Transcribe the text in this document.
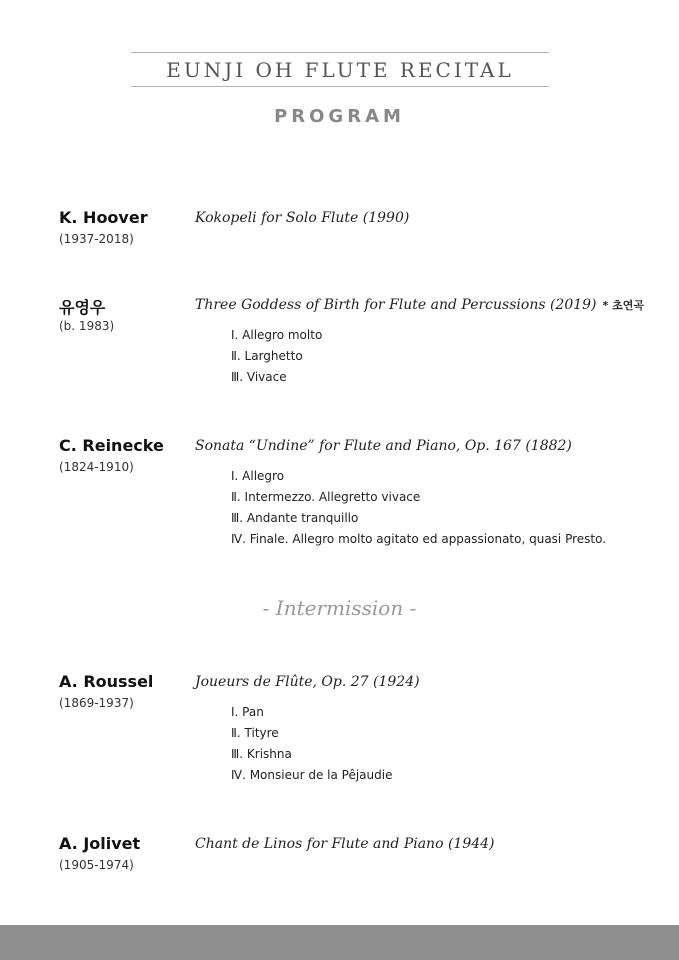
EUNJI OH FLUTE RECITAL
PROGRAM
K. Hoover
(1937-2018)
Kokopeli for Solo Flute (1990)
유영우
(b. 1983)
Three Goddess of Birth for Flute and Percussions (2019) * 초연곡
Ⅰ. Allegro molto
Ⅱ. Larghetto
Ⅲ. Vivace
C. Reinecke
(1824-1910)
Sonata “Undine” for Flute and Piano, Op. 167 (1882)
Ⅰ. Allegro
Ⅱ. Intermezzo. Allegretto vivace
Ⅲ. Andante tranquillo
Ⅳ. Finale. Allegro molto agitato ed appassionato, quasi Presto.
- Intermission -
A. Roussel
(1869-1937)
Joueurs de Flûte, Op. 27 (1924)
Ⅰ. Pan
Ⅱ. Tityre
Ⅲ. Krishna
Ⅳ. Monsieur de la Pêjaudie
A. Jolivet
(1905-1974)
Chant de Linos for Flute and Piano (1944)
